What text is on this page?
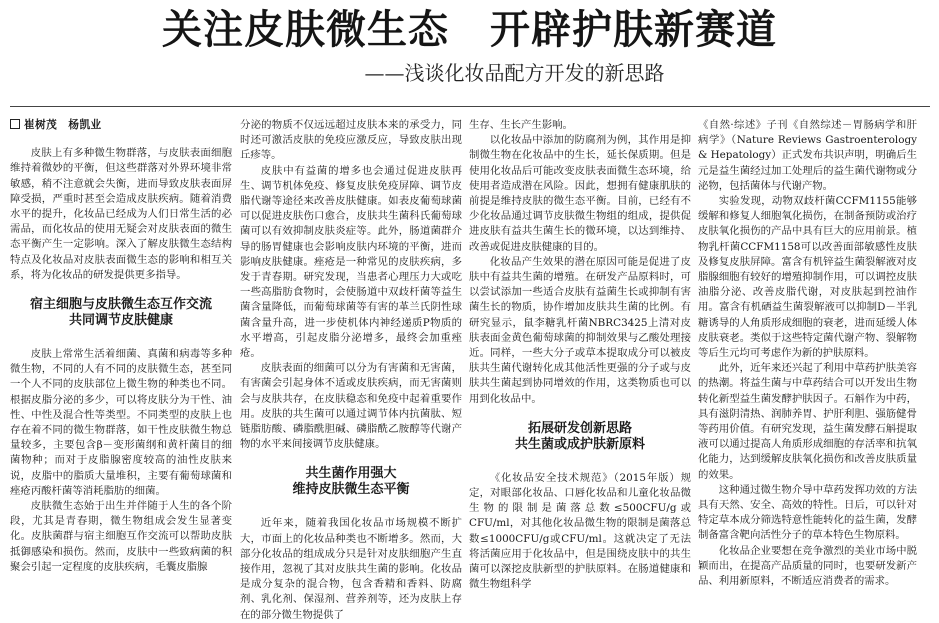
关注皮肤微生态　开辟护肤新赛道
——浅谈化妆品配方开发的新思路
崔树茂　杨凯业

皮肤上有多种微生物群落，与皮肤表面细胞维持着微妙的平衡，但这些群落对外界环境非常敏感，稍不注意就会失衡，进而导致皮肤表面屏障受损，严重时甚至会造成皮肤疾病。随着消费水平的提升，化妆品已经成为人们日常生活的必需品，而化妆品的使用无疑会对皮肤表面的微生态平衡产生一定影响。深入了解皮肤微生态结构特点及化妆品对皮肤表面微生态的影响和相互关系，将为化妆品的研发提供更多指导。

宿主细胞与皮肤微生态互作交流
共同调节皮肤健康

皮肤上常常生活着细菌、真菌和病毒等多种微生物，不同的人有不同的皮肤微生态，甚至同一个人不同的皮肤部位上微生物的种类也不同。根据皮脂分泌的多少，可以将皮肤分为干性、油性、中性及混合性等类型。不同类型的皮肤上也存在着不同的微生物群落，如干性皮肤微生物总量较多，主要包含β－变形菌纲和黄杆菌目的细菌物种；而对于皮脂腺密度较高的油性皮肤来说，皮脂中的脂质大量堆积，主要有葡萄球菌和痤疮丙酸杆菌等消耗脂肪的细菌。

皮肤微生态始于出生并伴随于人生的各个阶段，尤其是青春期，微生物组成会发生显著变化。皮肤菌群与宿主细胞互作交流可以帮助皮肤抵御感染和损伤。然而，皮肤中一些致病菌的积聚会引起一定程度的皮肤疾病，毛囊皮脂腺

分泌的物质不仅远远超过皮肤本来的承受力，同时还可激活皮肤的免疫应激反应，导致皮肤出现丘疹等。

皮肤中有益菌的增多也会通过促进皮肤再生、调节机体免疫、修复皮肤免疫屏障、调节皮脂代谢等途径来改善皮肤健康。如表皮葡萄球菌可以促进皮肤伤口愈合，皮肤共生菌科氏葡萄球菌可以有效抑制皮肤炎症等。此外，肠道菌群介导的肠胃健康也会影响皮肤内环境的平衡，进而影响皮肤健康。痤疮是一种常见的皮肤疾病，多发于青春期。研究发现，当患者心理压力大或吃一些高脂肪食物时，会使肠道中双歧杆菌等益生菌含量降低，而葡萄球菌等有害的革兰氏阴性球菌含量升高，进一步使机体内神经递质P物质的水平增高，引起皮脂分泌增多，最终会加重痤疮。

皮肤表面的细菌可以分为有害菌和无害菌，有害菌会引起身体不适或皮肤疾病，而无害菌则会与皮肤共存，在皮肤稳态和免疫中起着重要作用。皮肤的共生菌可以通过调节体内抗菌肽、短链脂肪酸、磷脂酰胆碱、磷脂酰乙胺醇等代谢产物的水平来间接调节皮肤健康。

共生菌作用强大
维持皮肤微生态平衡

近年来，随着我国化妆品市场规模不断扩大，市面上的化妆品种类也不断增多。然而，大部分化妆品的组成成分只是针对皮肤细胞产生直接作用，忽视了其对皮肤共生菌的影响。化妆品是成分复杂的混合物，包含香精和香料、防腐剂、乳化剂、保湿剂、营养剂等，还为皮肤上存在的部分微生物提供了

生存、生长产生影响。

以化妆品中添加的防腐剂为例，其作用是抑制微生物在化妆品中的生长，延长保质期。但是使用化妆品后可能改变皮肤表面微生态环境，给使用者造成潜在风险。因此，想拥有健康肌肤的前提是维持皮肤的微生态平衡。目前，已经有不少化妆品通过调节皮肤微生物组的组成，提供促进皮肤有益共生菌生长的微环境，以达到维持、改善或促进皮肤健康的目的。

化妆品产生效果的潜在原因可能是促进了皮肤中有益共生菌的增殖。在研发产品原料时，可以尝试添加一些适合皮肤有益菌生长或抑制有害菌生长的物质，协作增加皮肤共生菌的比例。有研究显示，鼠李糖乳杆菌NBRC3425上清对皮肤表面金黄色葡萄球菌的抑制效果与乙酸处理接近。同样，一些大分子或草本提取成分可以被皮肤共生菌代谢转化成其他活性更强的分子或与皮肤共生菌起到协同增效的作用，这类物质也可以用到化妆品中。

拓展研发创新思路
共生菌或成护肤新原料

《化妆品安全技术规范》（2015年版）规定，对眼部化妆品、口唇化妆品和儿童化妆品微生物的限制是菌落总数≤500CFU/g或CFU/ml，对其他化妆品微生物的限制是菌落总数≤1000CFU/g或CFU/ml。这就决定了无法将活菌应用于化妆品中，但是围绕皮肤中的共生菌可以深挖皮肤新型的护肤原料。在肠道健康和微生物组科学

《自然·综述》子刊《自然综述－胃肠病学和肝病学》（Nature Reviews Gastroenterology & Hepatology）正式发布共识声明，明确后生元是益生菌经过加工处理后的益生菌代谢物或分泌物，包括菌体与代谢产物。

实验发现，动物双歧杆菌CCFM1155能够缓解和修复人细胞氧化损伤，在制备预防或治疗皮肤氧化损伤的产品中具有巨大的应用前景。植物乳杆菌CCFM1158可以改善面部敏感性皮肤及修复皮肤屏障。富含有机锌益生菌裂解液对皮脂腺细胞有较好的增殖抑制作用，可以调控皮肤油脂分泌、改善皮脂代谢，对皮肤起到控油作用。富含有机硒益生菌裂解液可以抑制D－半乳糖诱导的人角质形成细胞的衰老，进而延缓人体皮肤衰老。类似于这些特定菌代谢产物、裂解物等后生元均可考虑作为新的护肤原料。

此外，近年来还兴起了利用中草药护肤美容的热潮。将益生菌与中草药结合可以开发出生物转化新型益生菌发酵护肤因子。石斛作为中药，具有滋阴清热、润肺养胃、护肝利胆、强筋健骨等药用价值。有研究发现，益生菌发酵石斛提取液可以通过提高人角质形成细胞的存活率和抗氧化能力，达到缓解皮肤氧化损伤和改善皮肤质量的效果。

这种通过微生物介导中草药发挥功效的方法具有天然、安全、高效的特性。日后，可以针对特定草本成分筛选特意性能转化的益生菌，发酵制备富含靶向活性分子的草本特色生物原料。

化妆品企业要想在竞争激烈的美业市场中脱颖而出，在提高产品质量的同时，也要研发新产品、利用新原料，不断适应消费者的需求。
